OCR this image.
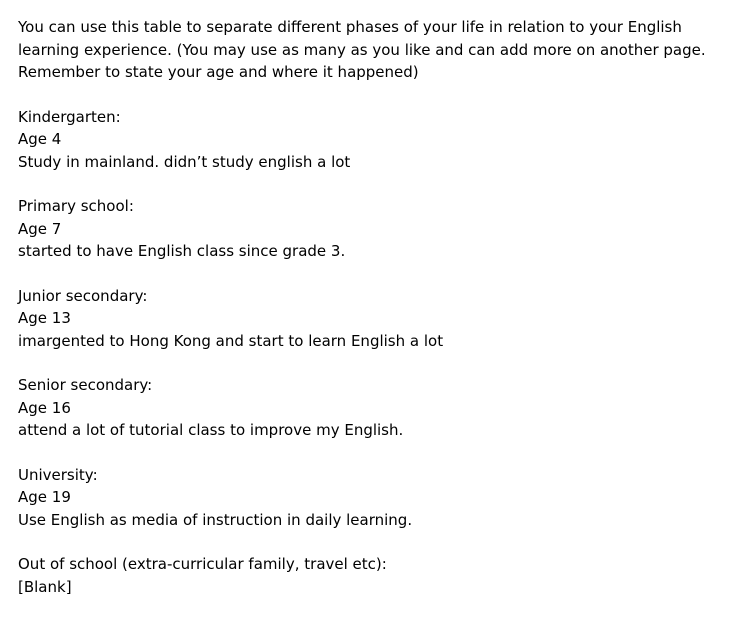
You can use this table to separate different phases of your life in relation to your English learning experience. (You may use as many as you like and can add more on another page. Remember to state your age and where it happened)

Kindergarten:

Age 4

Study in mainland. didn’t study english a lot

Primary school:

Age 7

started to have English class since grade 3.

Junior secondary:

Age 13

imargented to Hong Kong and start to learn English a lot

Senior secondary:

Age 16

attend a lot of tutorial class to improve my English.

University:

Age 19

Use English as media of instruction in daily learning.

Out of school (extra-curricular family, travel etc):

[Blank]
